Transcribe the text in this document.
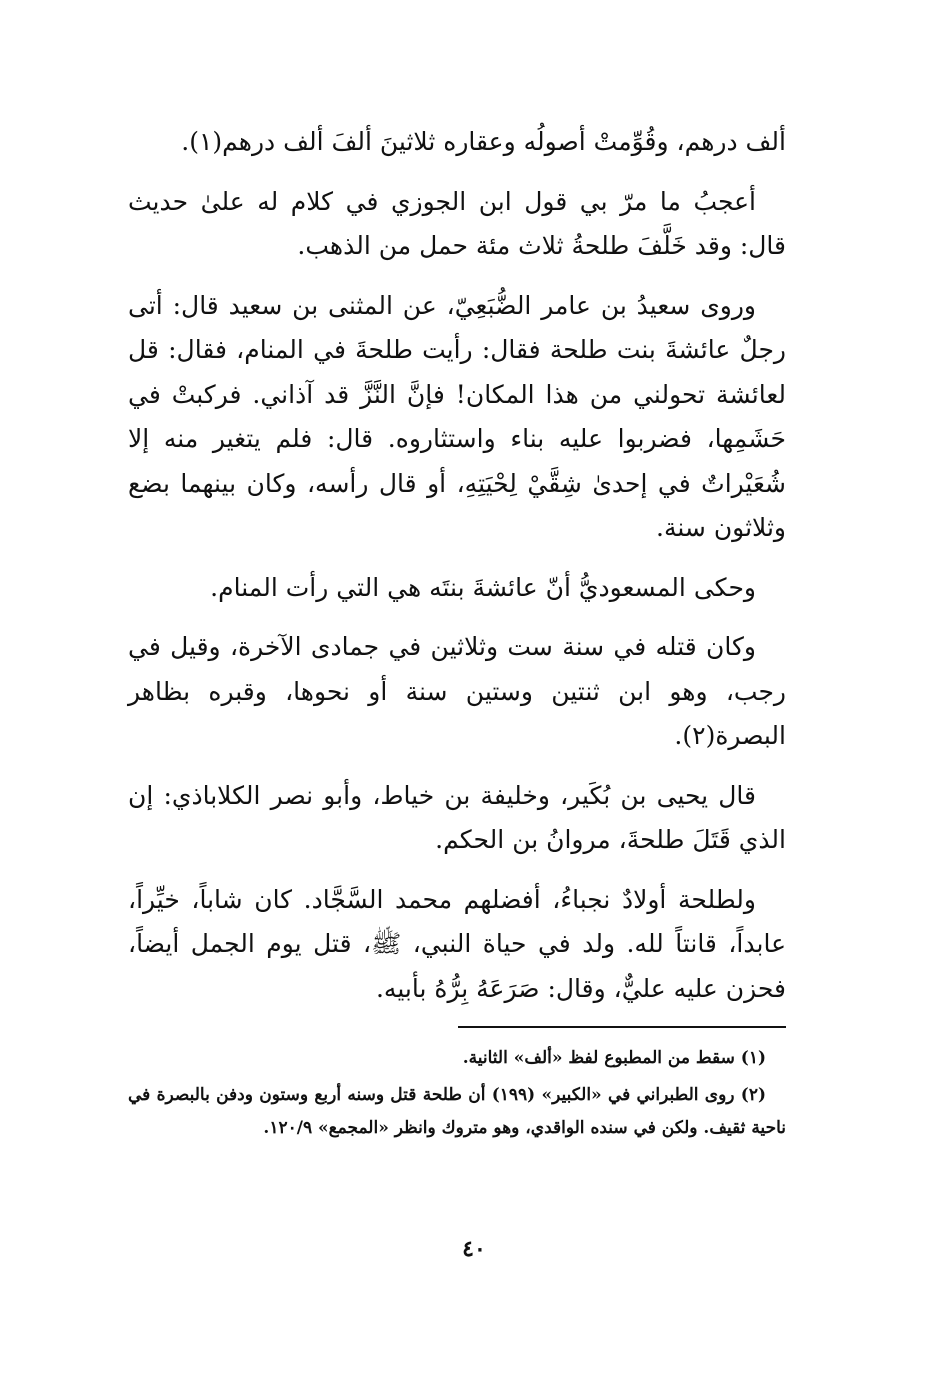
ألف درهم، وقُوِّمتْ أصولُه وعقاره ثلاثينَ ألفَ ألف درهم(١).

أعجبُ ما مرّ بي قول ابن الجوزي في كلام له علىٰ حديث قال: وقد خَلَّفَ طلحةُ ثلاث مئة حمل من الذهب.

وروى سعيدُ بن عامر الضُّبَعِيّ، عن المثنى بن سعيد قال: أتى رجلٌ عائشةَ بنت طلحة فقال: رأيت طلحةَ في المنام، فقال: قل لعائشة تحولني من هذا المكان! فإنَّ النَّزَّ قد آذاني. فركبتْ في حَشَمِها، فضربوا عليه بناء واستثاروه. قال: فلم يتغير منه إلا شُعَيْراتٌ في إحدىٰ شِقَّيْ لِحْيَتِهِ، أو قال رأسه، وكان بينهما بضع وثلاثون سنة.

وحكى المسعوديُّ أنّ عائشةَ بنتَه هي التي رأت المنام.

وكان قتله في سنة ست وثلاثين في جمادى الآخرة، وقيل في رجب، وهو ابن ثنتين وستين سنة أو نحوها، وقبره بظاهر البصرة(٢).

قال يحيى بن بُكَير، وخليفة بن خياط، وأبو نصر الكلاباذي: إن الذي قَتَلَ طلحةَ، مروانُ بن الحكم.

ولطلحة أولادٌ نجباءُ، أفضلهم محمد السَّجَّاد. كان شاباً، خيِّراً، عابداً، قانتاً لله. ولد في حياة النبي، ﷺ، قتل يوم الجمل أيضاً، فحزن عليه عليٌّ، وقال: صَرَعَهُ بِرُّهُ بأبيه.

(١) سقط من المطبوع لفظ «ألف» الثانية.

(٢) روى الطبراني في «الكبير» (١٩٩) أن طلحة قتل وسنه أربع وستون ودفن بالبصرة في ناحية ثقيف. ولكن في سنده الواقدي، وهو متروك وانظر «المجمع» ١٢٠/٩.

٤٠
